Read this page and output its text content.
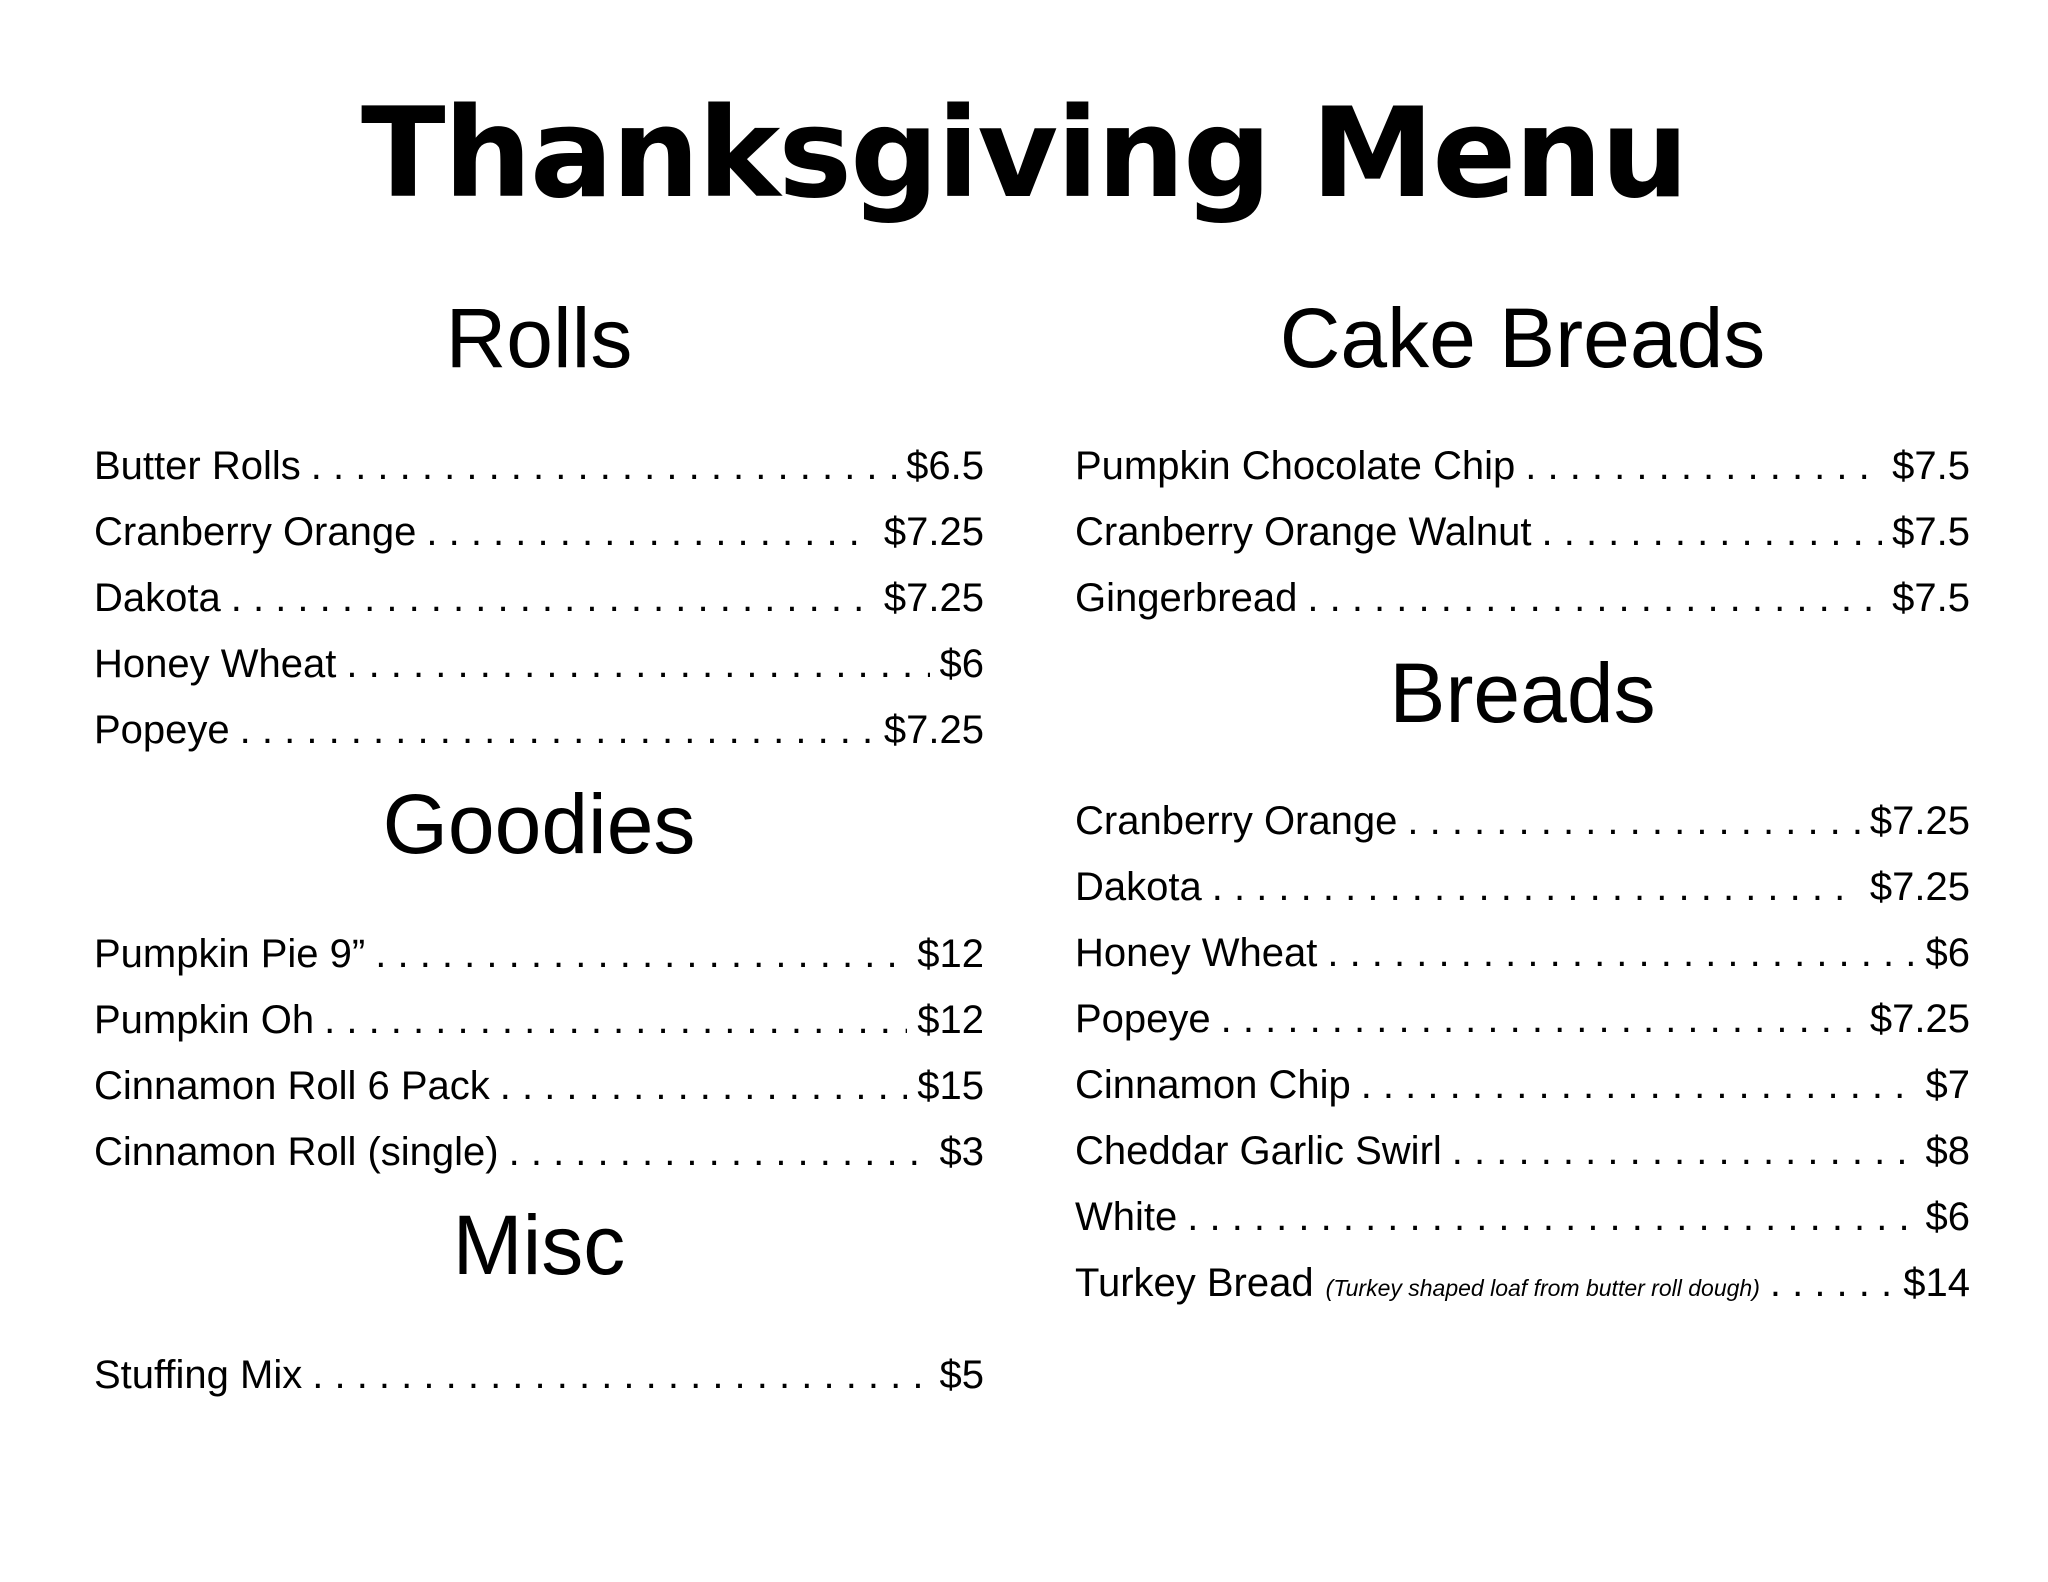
Thanksgiving Menu
Rolls
Butter Rolls . . .	$6.5
Cranberry Orange . . .	$7.25
Dakota . . .	$7.25
Honey Wheat . . .	$6
Popeye . . .	$7.25
Goodies
Pumpkin Pie 9” . . .	$12
Pumpkin Oh . . .	$12
Cinnamon Roll 6 Pack . . .	$15
Cinnamon Roll (single) . . .	$3
Misc
Stuffing Mix . . .	$5
Cake Breads
Pumpkin Chocolate Chip . . .	$7.5
Cranberry Orange Walnut . . .	$7.5
Gingerbread . . .	$7.5
Breads
Cranberry Orange . . .	$7.25
Dakota . . .	$7.25
Honey Wheat . . .	$6
Popeye . . .	$7.25
Cinnamon Chip . . .	$7
Cheddar Garlic Swirl . . .	$8
White . . .	$6
Turkey Bread (Turkey shaped loaf from butter roll dough) . . .	$14
